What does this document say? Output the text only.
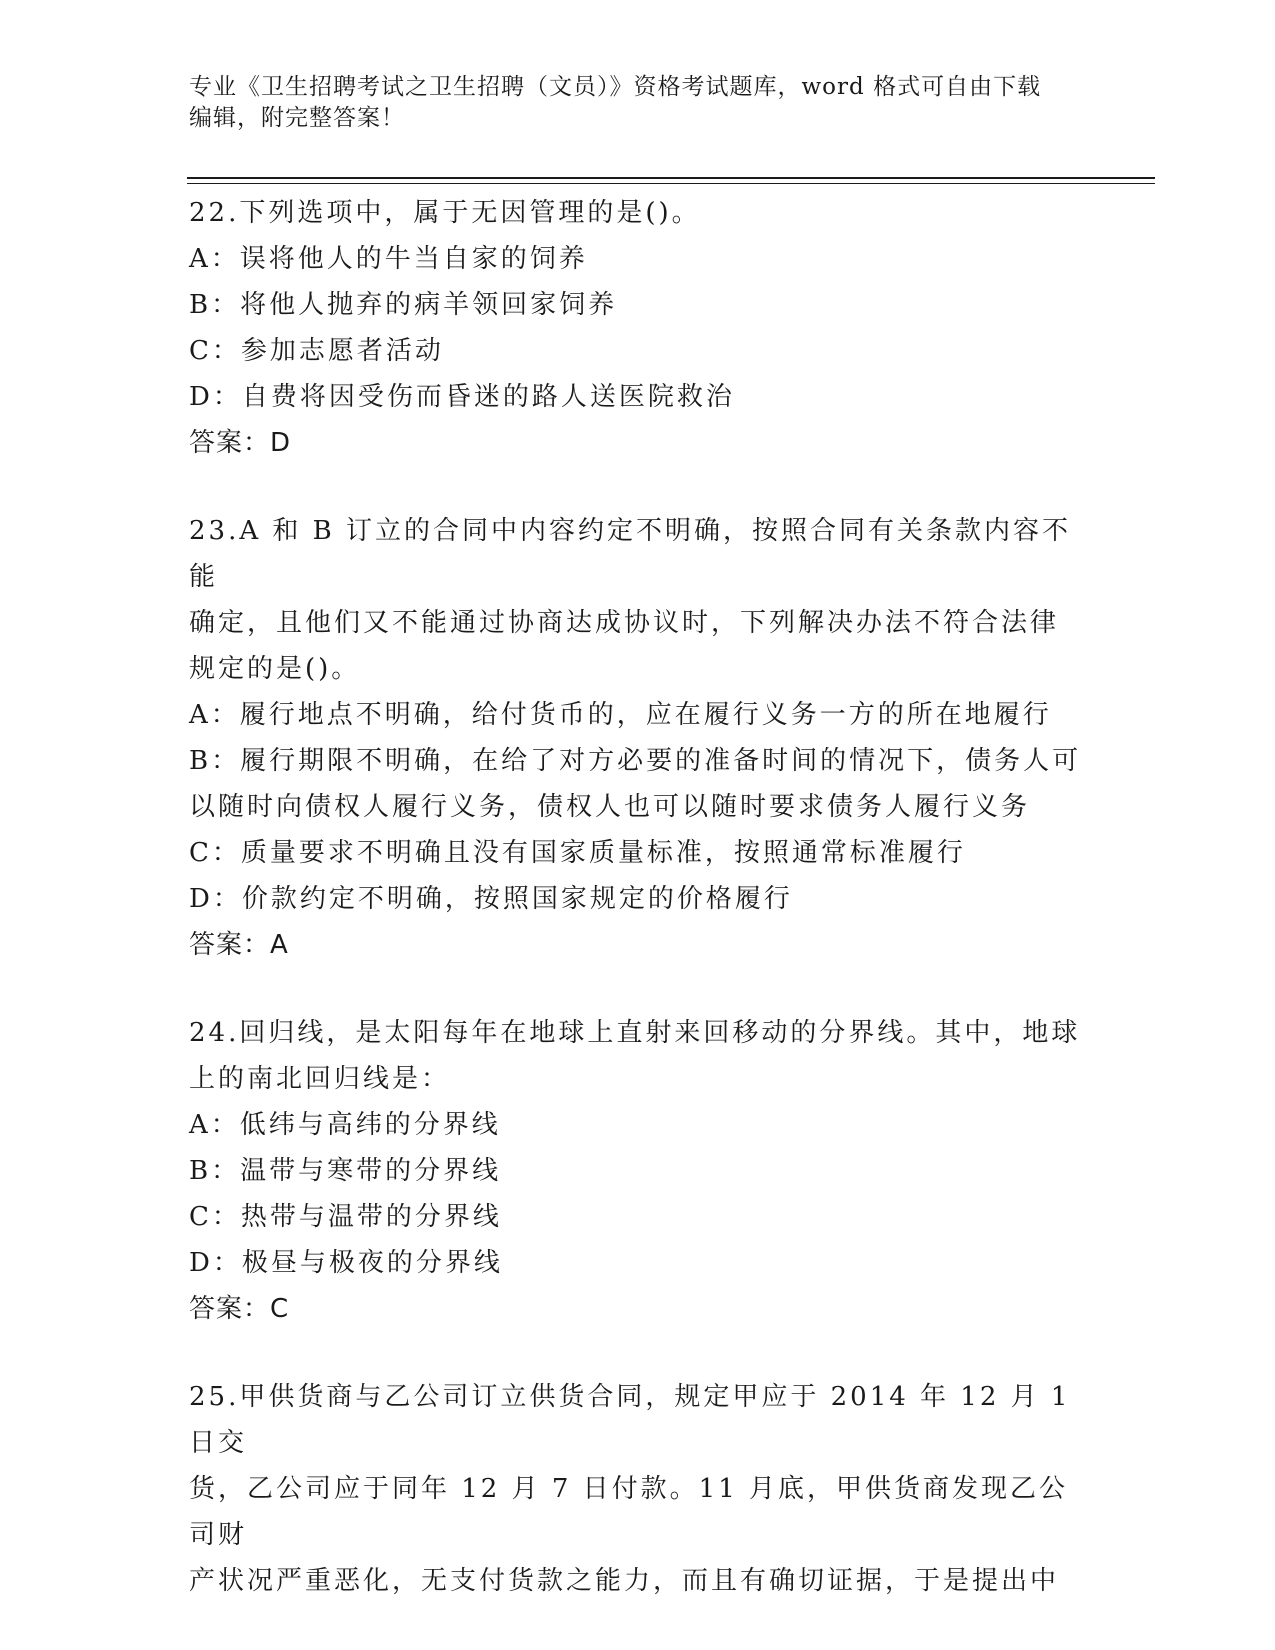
专业《卫生招聘考试之卫生招聘（文员）》资格考试题库，word 格式可自由下载
编辑，附完整答案！
22.下列选项中，属于无因管理的是()。
A：误将他人的牛当自家的饲养
B：将他人抛弃的病羊领回家饲养
C：参加志愿者活动
D：自费将因受伤而昏迷的路人送医院救治
答案：D
23.A 和 B 订立的合同中内容约定不明确，按照合同有关条款内容不能
确定，且他们又不能通过协商达成协议时，下列解决办法不符合法律
规定的是()。
A：履行地点不明确，给付货币的，应在履行义务一方的所在地履行
B：履行期限不明确，在给了对方必要的准备时间的情况下，债务人可
以随时向债权人履行义务，债权人也可以随时要求债务人履行义务
C：质量要求不明确且没有国家质量标准，按照通常标准履行
D：价款约定不明确，按照国家规定的价格履行
答案：A
24.回归线，是太阳每年在地球上直射来回移动的分界线。其中，地球
上的南北回归线是：
A：低纬与高纬的分界线
B：温带与寒带的分界线
C：热带与温带的分界线
D：极昼与极夜的分界线
答案：C
25.甲供货商与乙公司订立供货合同，规定甲应于 2014 年 12 月 1 日交
货，乙公司应于同年 12 月 7 日付款。11 月底，甲供货商发现乙公司财
产状况严重恶化，无支付货款之能力，而且有确切证据，于是提出中
